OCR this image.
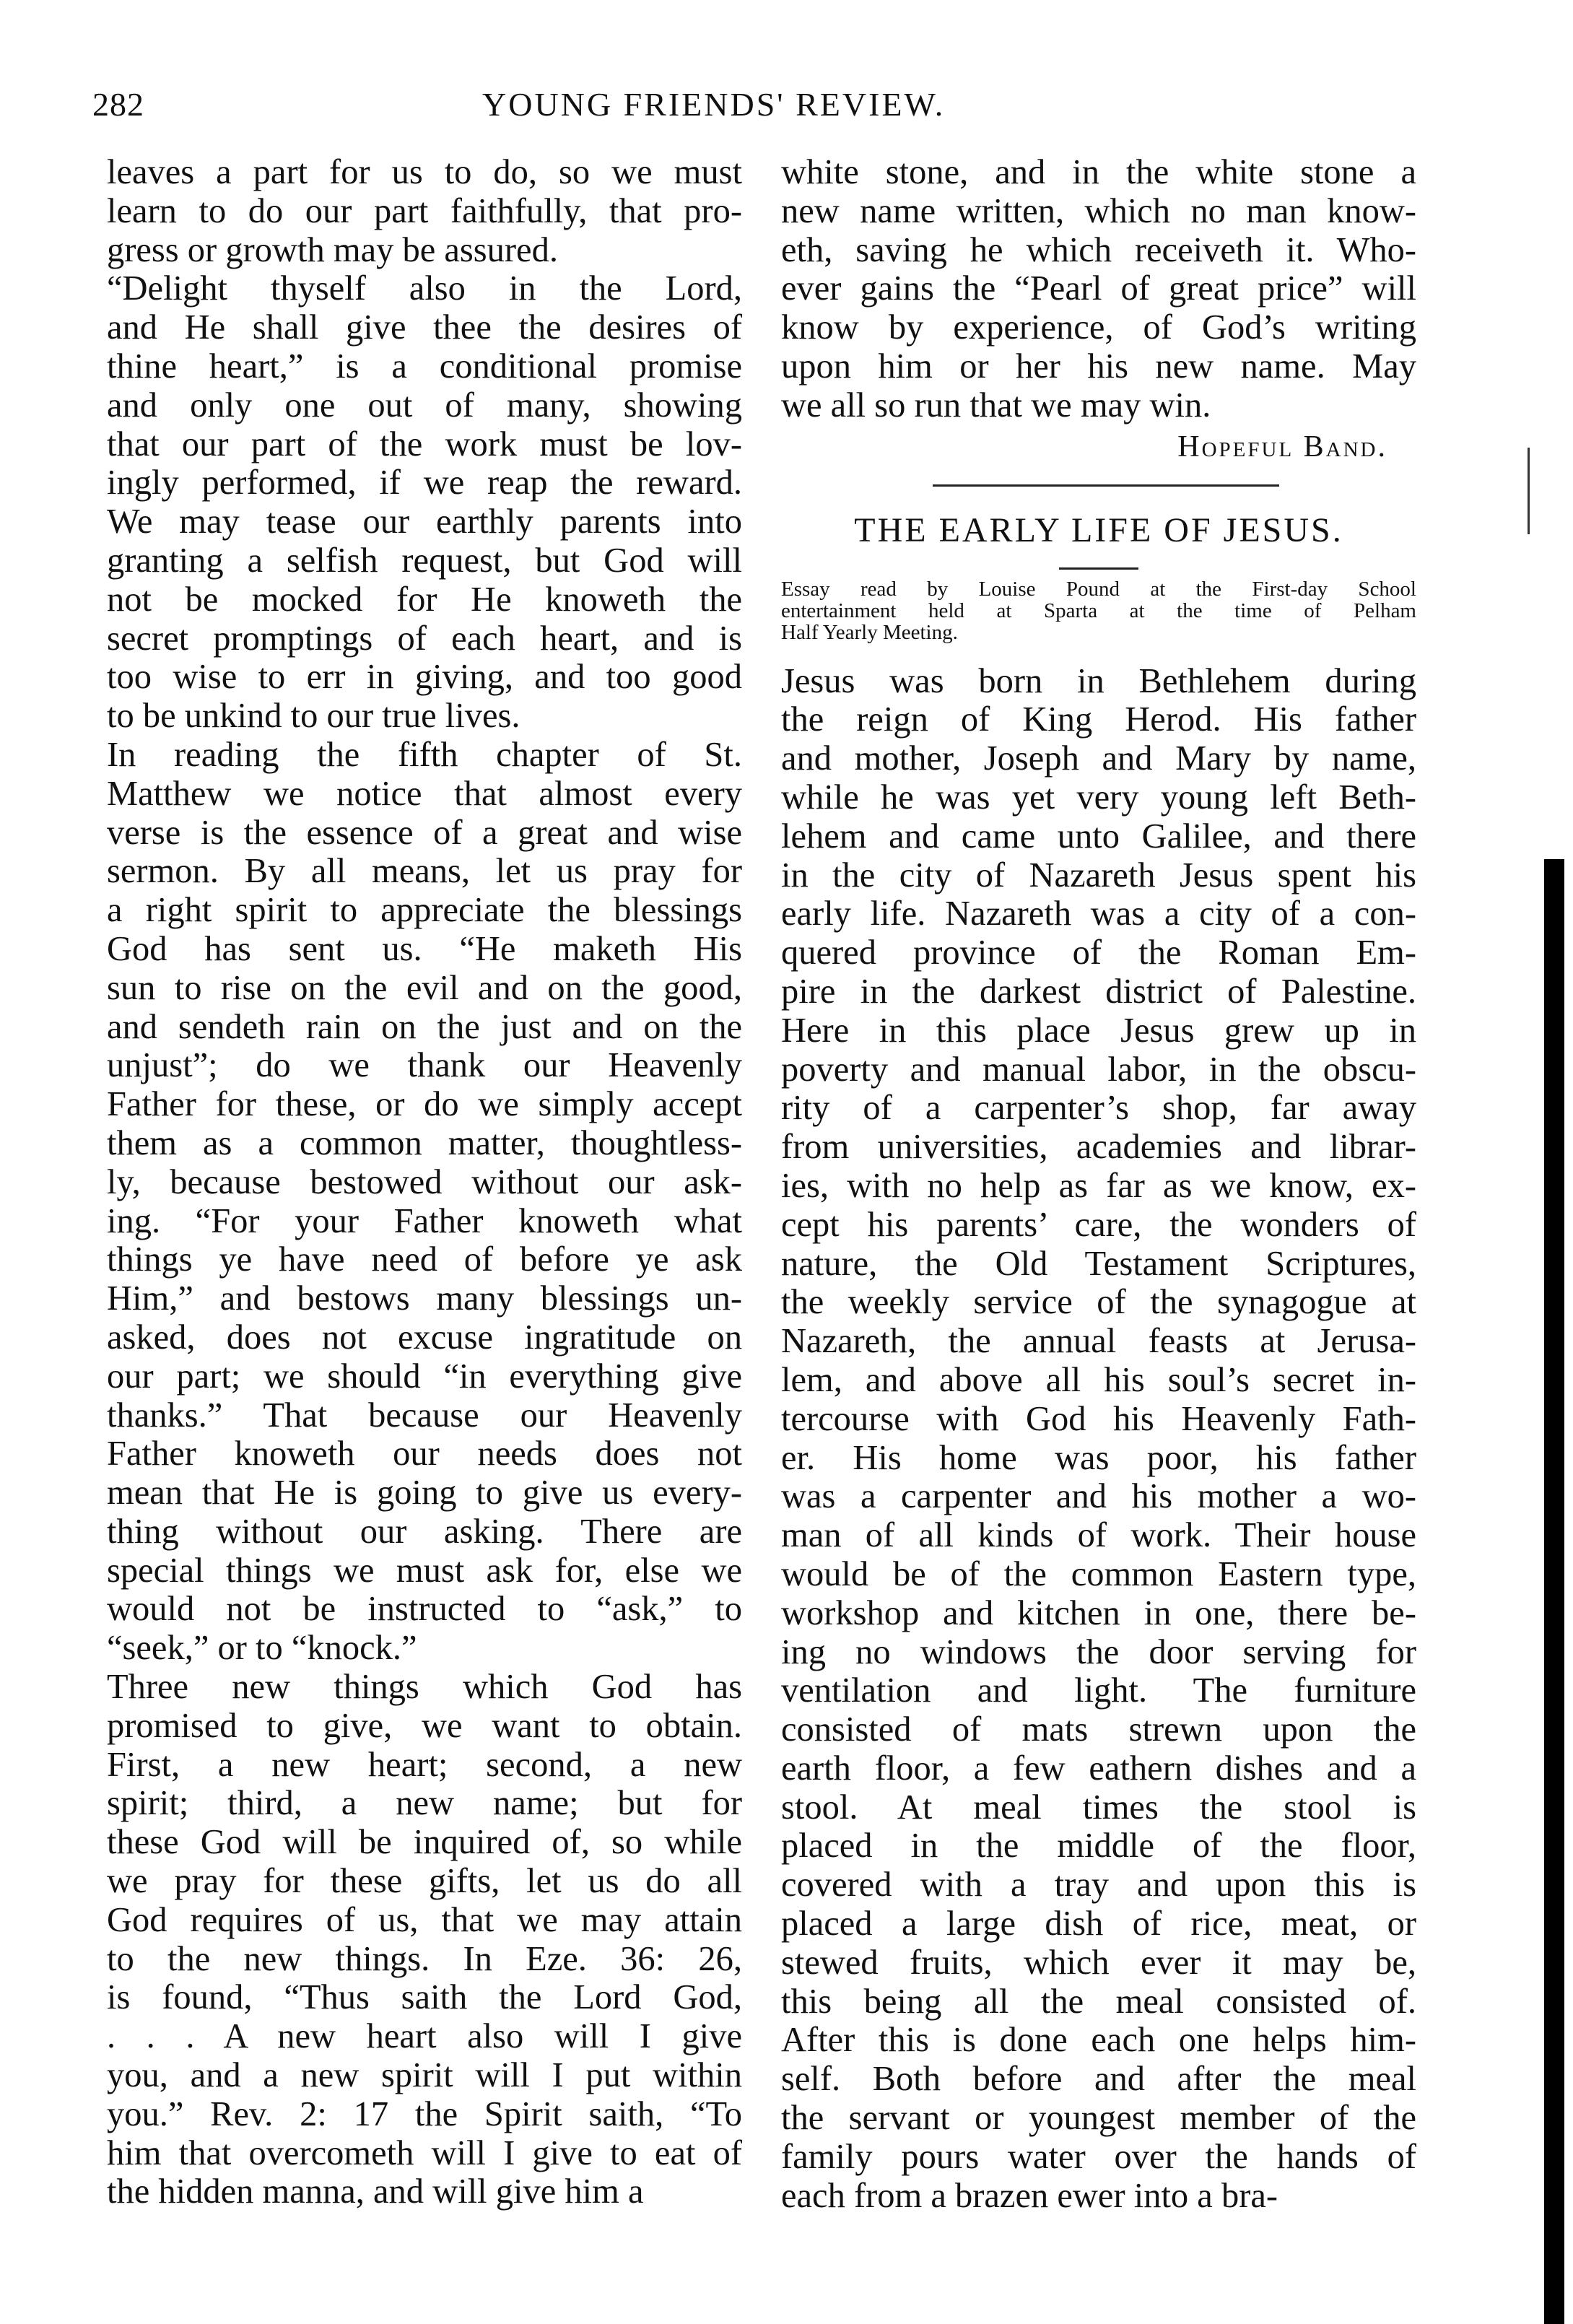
282	YOUNG FRIENDS' REVIEW.
leaves a part for us to do, so we must
learn to do our part faithfully, that pro-
gress or growth may be assured.
“Delight thyself also in the Lord,
and He shall give thee the desires of
thine heart,” is a conditional promise
and only one out of many, showing
that our part of the work must be lov-
ingly performed, if we reap the reward.
We may tease our earthly parents into
granting a selfish request, but God will
not be mocked for He knoweth the
secret promptings of each heart, and is
too wise to err in giving, and too good
to be unkind to our true lives.
In reading the fifth chapter of St.
Matthew we notice that almost every
verse is the essence of a great and wise
sermon. By all means, let us pray for
a right spirit to appreciate the blessings
God has sent us. “He maketh His
sun to rise on the evil and on the good,
and sendeth rain on the just and on the
unjust”; do we thank our Heavenly
Father for these, or do we simply accept
them as a common matter, thoughtless-
ly, because bestowed without our ask-
ing. “For your Father knoweth what
things ye have need of before ye ask
Him,” and bestows many blessings un-
asked, does not excuse ingratitude on
our part; we should “in everything give
thanks.” That because our Heavenly
Father knoweth our needs does not
mean that He is going to give us every-
thing without our asking. There are
special things we must ask for, else we
would not be instructed to “ask,” to
“seek,” or to “knock.”
Three new things which God has
promised to give, we want to obtain.
First, a new heart; second, a new
spirit; third, a new name; but for
these God will be inquired of, so while
we pray for these gifts, let us do all
God requires of us, that we may attain
to the new things. In Eze. 36: 26,
is found, “Thus saith the Lord God,
. . . A new heart also will I give
you, and a new spirit will I put within
you.” Rev. 2: 17 the Spirit saith, “To
him that overcometh will I give to eat of
the hidden manna, and will give him a
white stone, and in the white stone a
new name written, which no man know-
eth, saving he which receiveth it. Who-
ever gains the “Pearl of great price” will
know by experience, of God’s writing
upon him or her his new name. May
we all so run that we may win.
Hopeful Band.
THE EARLY LIFE OF JESUS.
Essay read by Louise Pound at the First-day School
entertainment held at Sparta at the time of Pelham
Half Yearly Meeting.
Jesus was born in Bethlehem during
the reign of King Herod. His father
and mother, Joseph and Mary by name,
while he was yet very young left Beth-
lehem and came unto Galilee, and there
in the city of Nazareth Jesus spent his
early life. Nazareth was a city of a con-
quered province of the Roman Em-
pire in the darkest district of Palestine.
Here in this place Jesus grew up in
poverty and manual labor, in the obscu-
rity of a carpenter’s shop, far away
from universities, academies and librar-
ies, with no help as far as we know, ex-
cept his parents’ care, the wonders of
nature, the Old Testament Scriptures,
the weekly service of the synagogue at
Nazareth, the annual feasts at Jerusa-
lem, and above all his soul’s secret in-
tercourse with God his Heavenly Fath-
er. His home was poor, his father
was a carpenter and his mother a wo-
man of all kinds of work. Their house
would be of the common Eastern type,
workshop and kitchen in one, there be-
ing no windows the door serving for
ventilation and light. The furniture
consisted of mats strewn upon the
earth floor, a few eathern dishes and a
stool. At meal times the stool is
placed in the middle of the floor,
covered with a tray and upon this is
placed a large dish of rice, meat, or
stewed fruits, which ever it may be,
this being all the meal consisted of.
After this is done each one helps him-
self. Both before and after the meal
the servant or youngest member of the
family pours water over the hands of
each from a brazen ewer into a bra-
